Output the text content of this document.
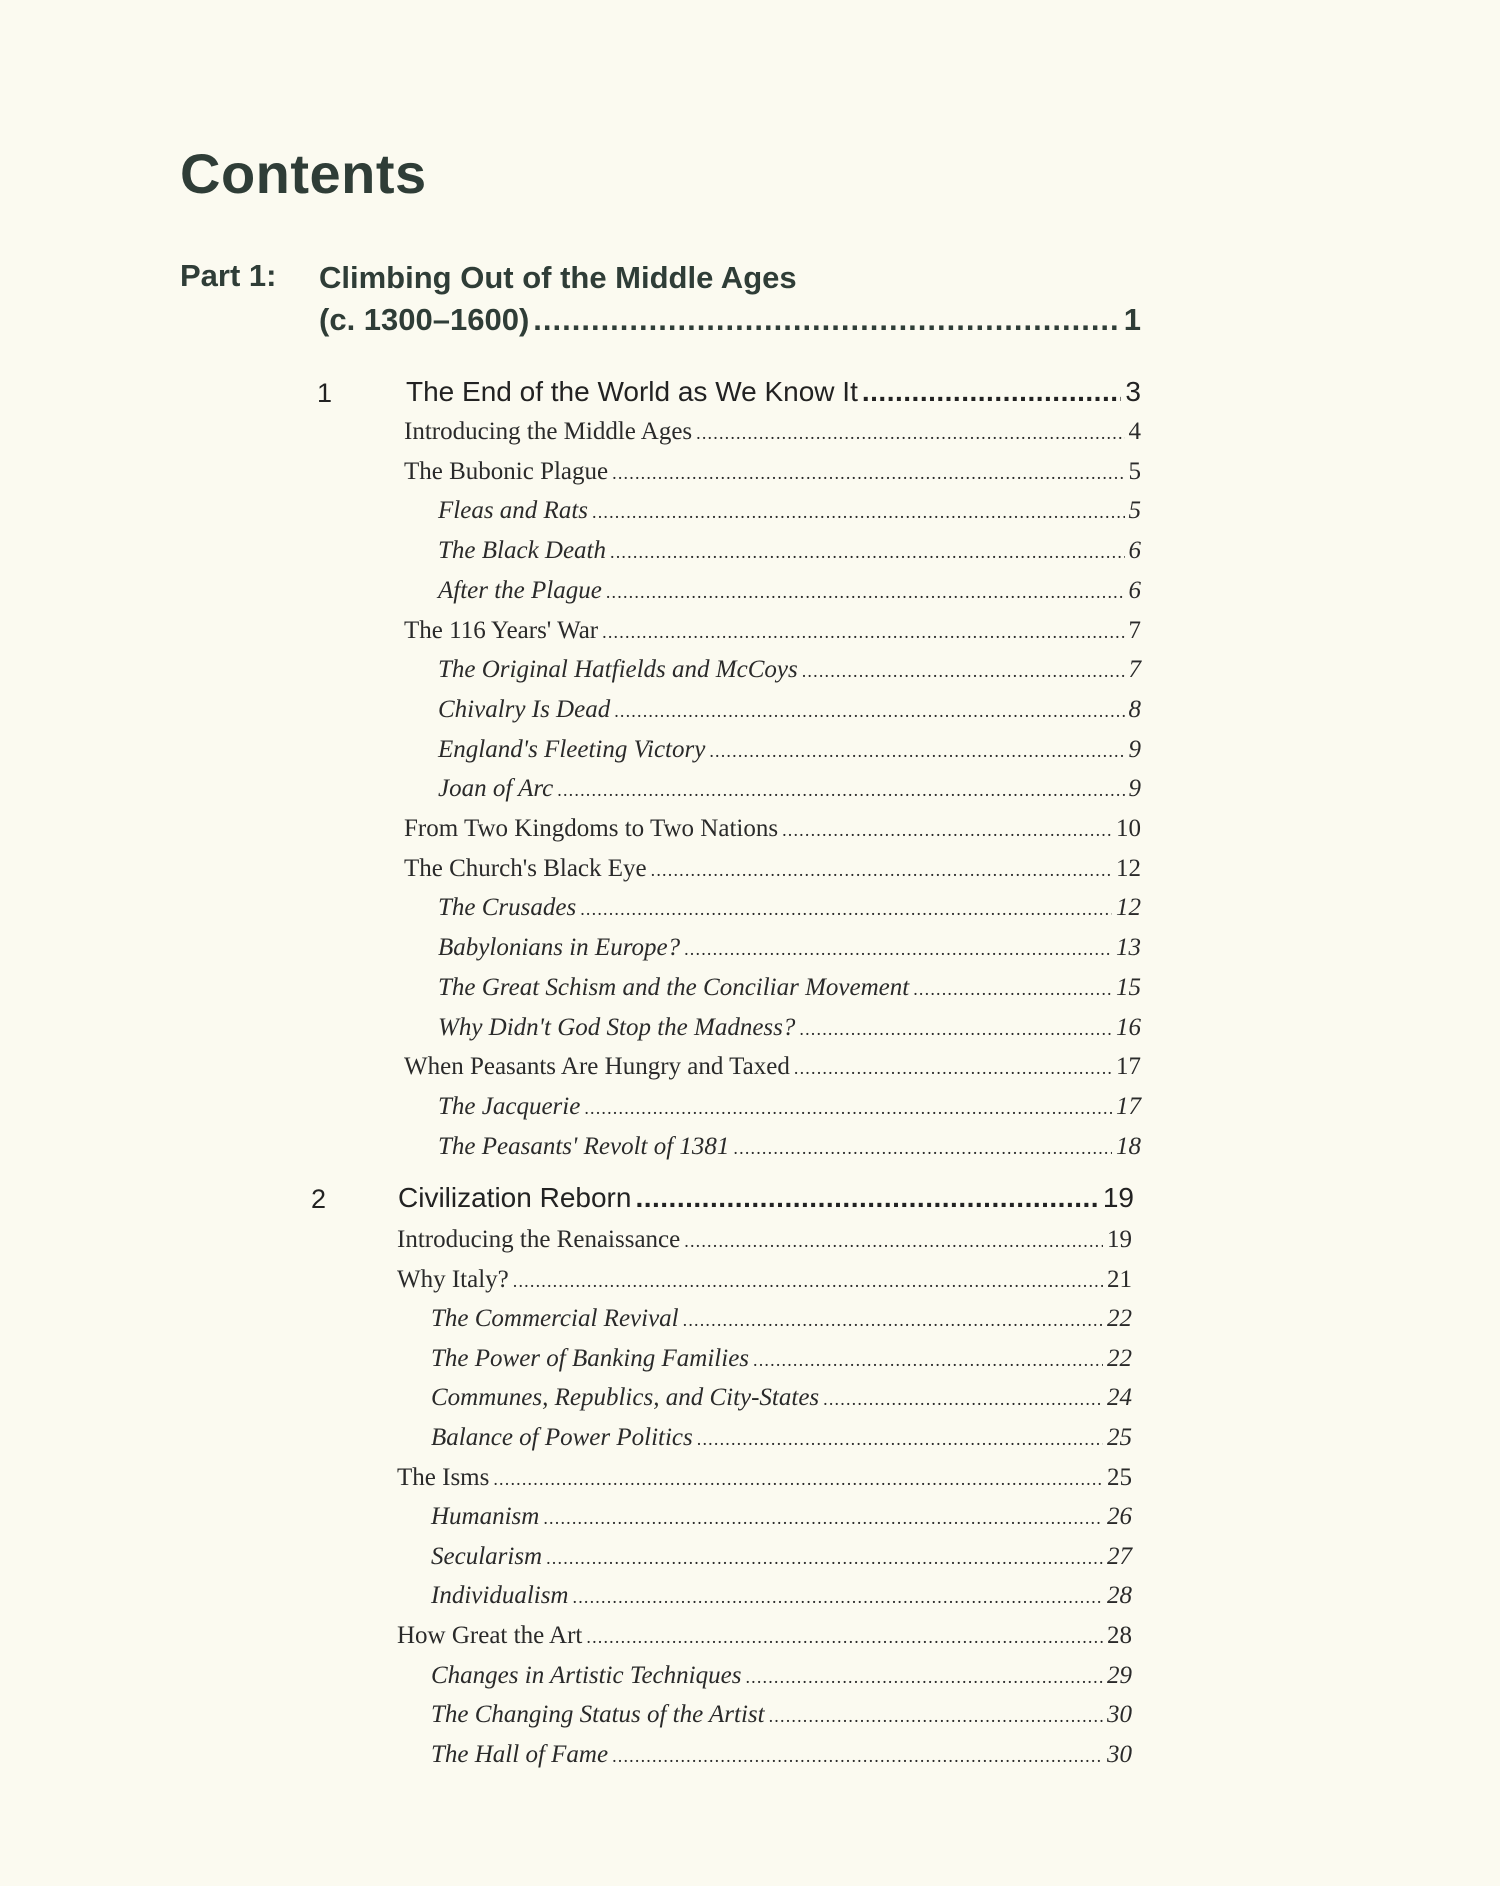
Contents
Part 1: Climbing Out of the Middle Ages
(c. 1300–1600) .....	1
1	The End of the World as We Know It .....	3
Introducing the Middle Ages .....	4
The Bubonic Plague .....	5
Fleas and Rats .....	5
The Black Death .....	6
After the Plague .....	6
The 116 Years' War .....	7
The Original Hatfields and McCoys .....	7
Chivalry Is Dead .....	8
England's Fleeting Victory .....	9
Joan of Arc .....	9
From Two Kingdoms to Two Nations .....	10
The Church's Black Eye .....	12
The Crusades .....	12
Babylonians in Europe? .....	13
The Great Schism and the Conciliar Movement .....	15
Why Didn't God Stop the Madness? .....	16
When Peasants Are Hungry and Taxed .....	17
The Jacquerie .....	17
The Peasants' Revolt of 1381 .....	18
2	Civilization Reborn .....	19
Introducing the Renaissance .....	19
Why Italy? .....	21
The Commercial Revival .....	22
The Power of Banking Families .....	22
Communes, Republics, and City-States .....	24
Balance of Power Politics .....	25
The Isms .....	25
Humanism .....	26
Secularism .....	27
Individualism .....	28
How Great the Art .....	28
Changes in Artistic Techniques .....	29
The Changing Status of the Artist .....	30
The Hall of Fame .....	30
